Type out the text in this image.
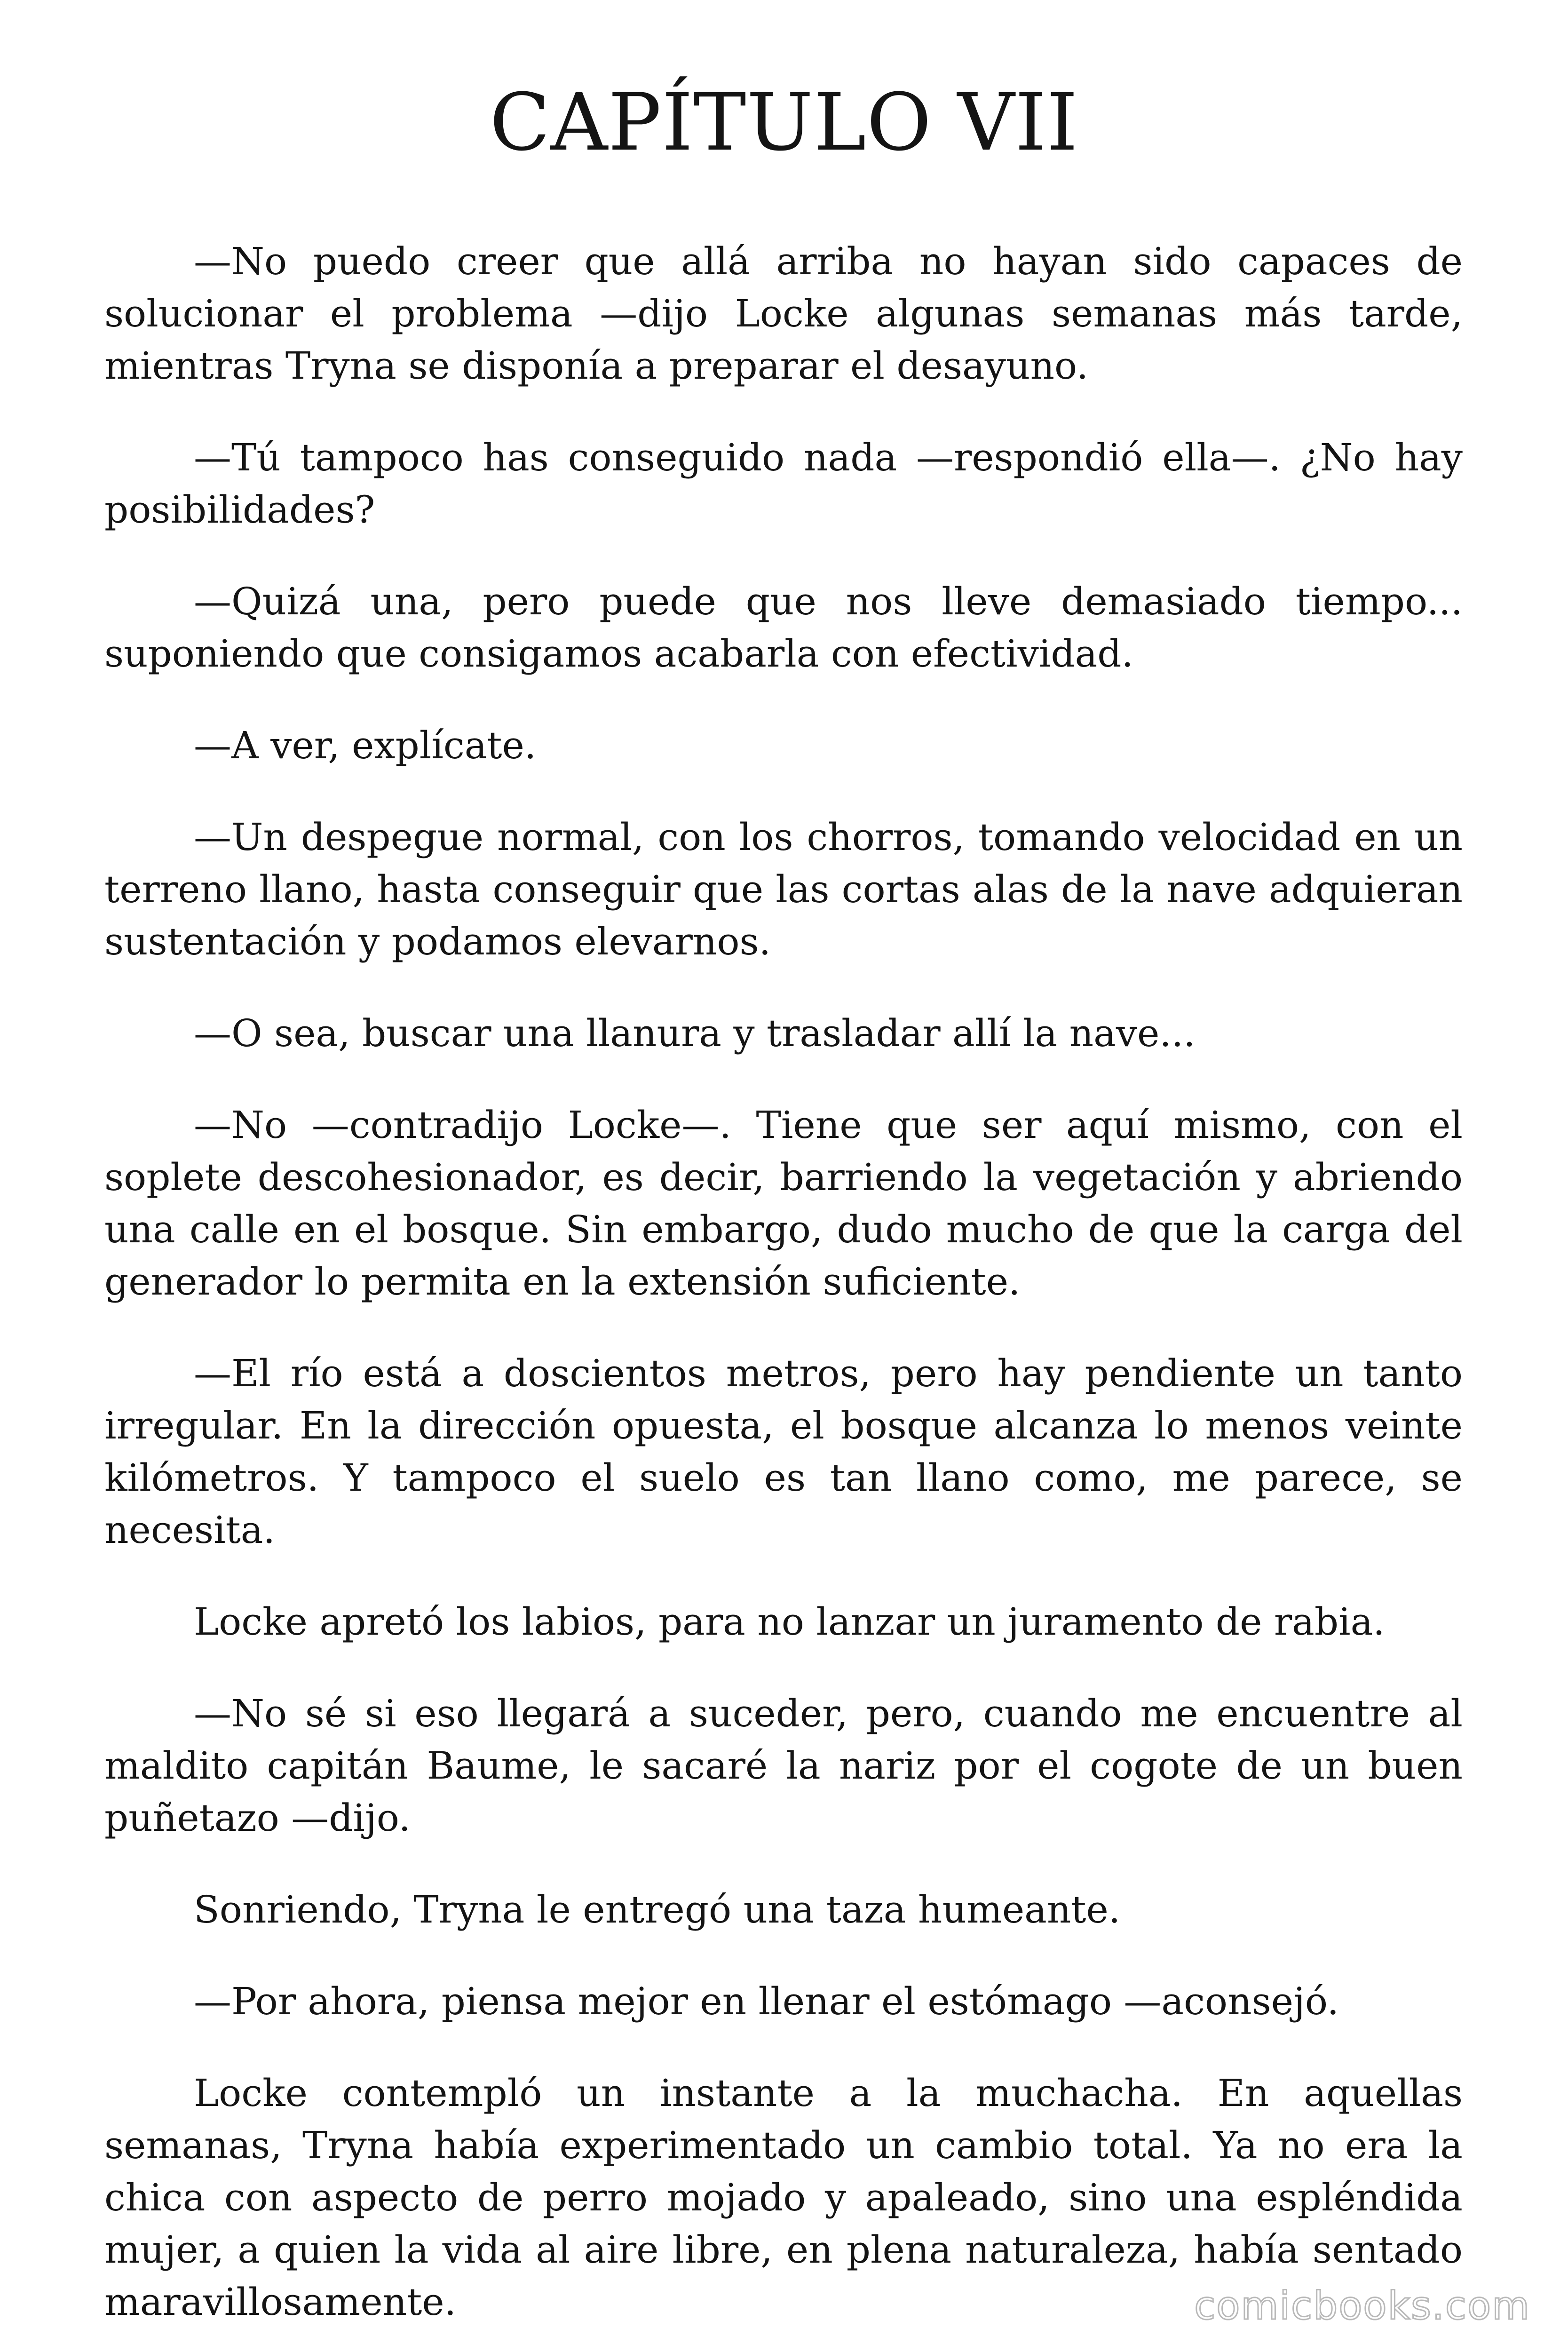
CAPÍTULO VII

—No puedo creer que allá arriba no hayan sido capaces de solucionar el problema —dijo Locke algunas semanas más tarde, mientras Tryna se disponía a preparar el desayuno.

—Tú tampoco has conseguido nada —respondió ella—. ¿No hay posibilidades?

—Quizá una, pero puede que nos lleve demasiado tiempo... suponiendo que consigamos acabarla con efectividad.

—A ver, explícate.

—Un despegue normal, con los chorros, tomando velocidad en un terreno llano, hasta conseguir que las cortas alas de la nave adquieran sustentación y podamos elevarnos.

—O sea, buscar una llanura y trasladar allí la nave...

—No —contradijo Locke—. Tiene que ser aquí mismo, con el soplete descohesionador, es decir, barriendo la vegetación y abriendo una calle en el bosque. Sin embargo, dudo mucho de que la carga del generador lo permita en la extensión suficiente.

—El río está a doscientos metros, pero hay pendiente un tanto irregular. En la dirección opuesta, el bosque alcanza lo menos veinte kilómetros. Y tampoco el suelo es tan llano como, me parece, se necesita.

Locke apretó los labios, para no lanzar un juramento de rabia.

—No sé si eso llegará a suceder, pero, cuando me encuentre al maldito capitán Baume, le sacaré la nariz por el cogote de un buen puñetazo —dijo.

Sonriendo, Tryna le entregó una taza humeante.

—Por ahora, piensa mejor en llenar el estómago —aconsejó.

Locke contempló un instante a la muchacha. En aquellas semanas, Tryna había experimentado un cambio total. Ya no era la chica con aspecto de perro mojado y apaleado, sino una espléndida mujer, a quien la vida al aire libre, en plena naturaleza, había sentado maravillosamente.	comicbooks.com
